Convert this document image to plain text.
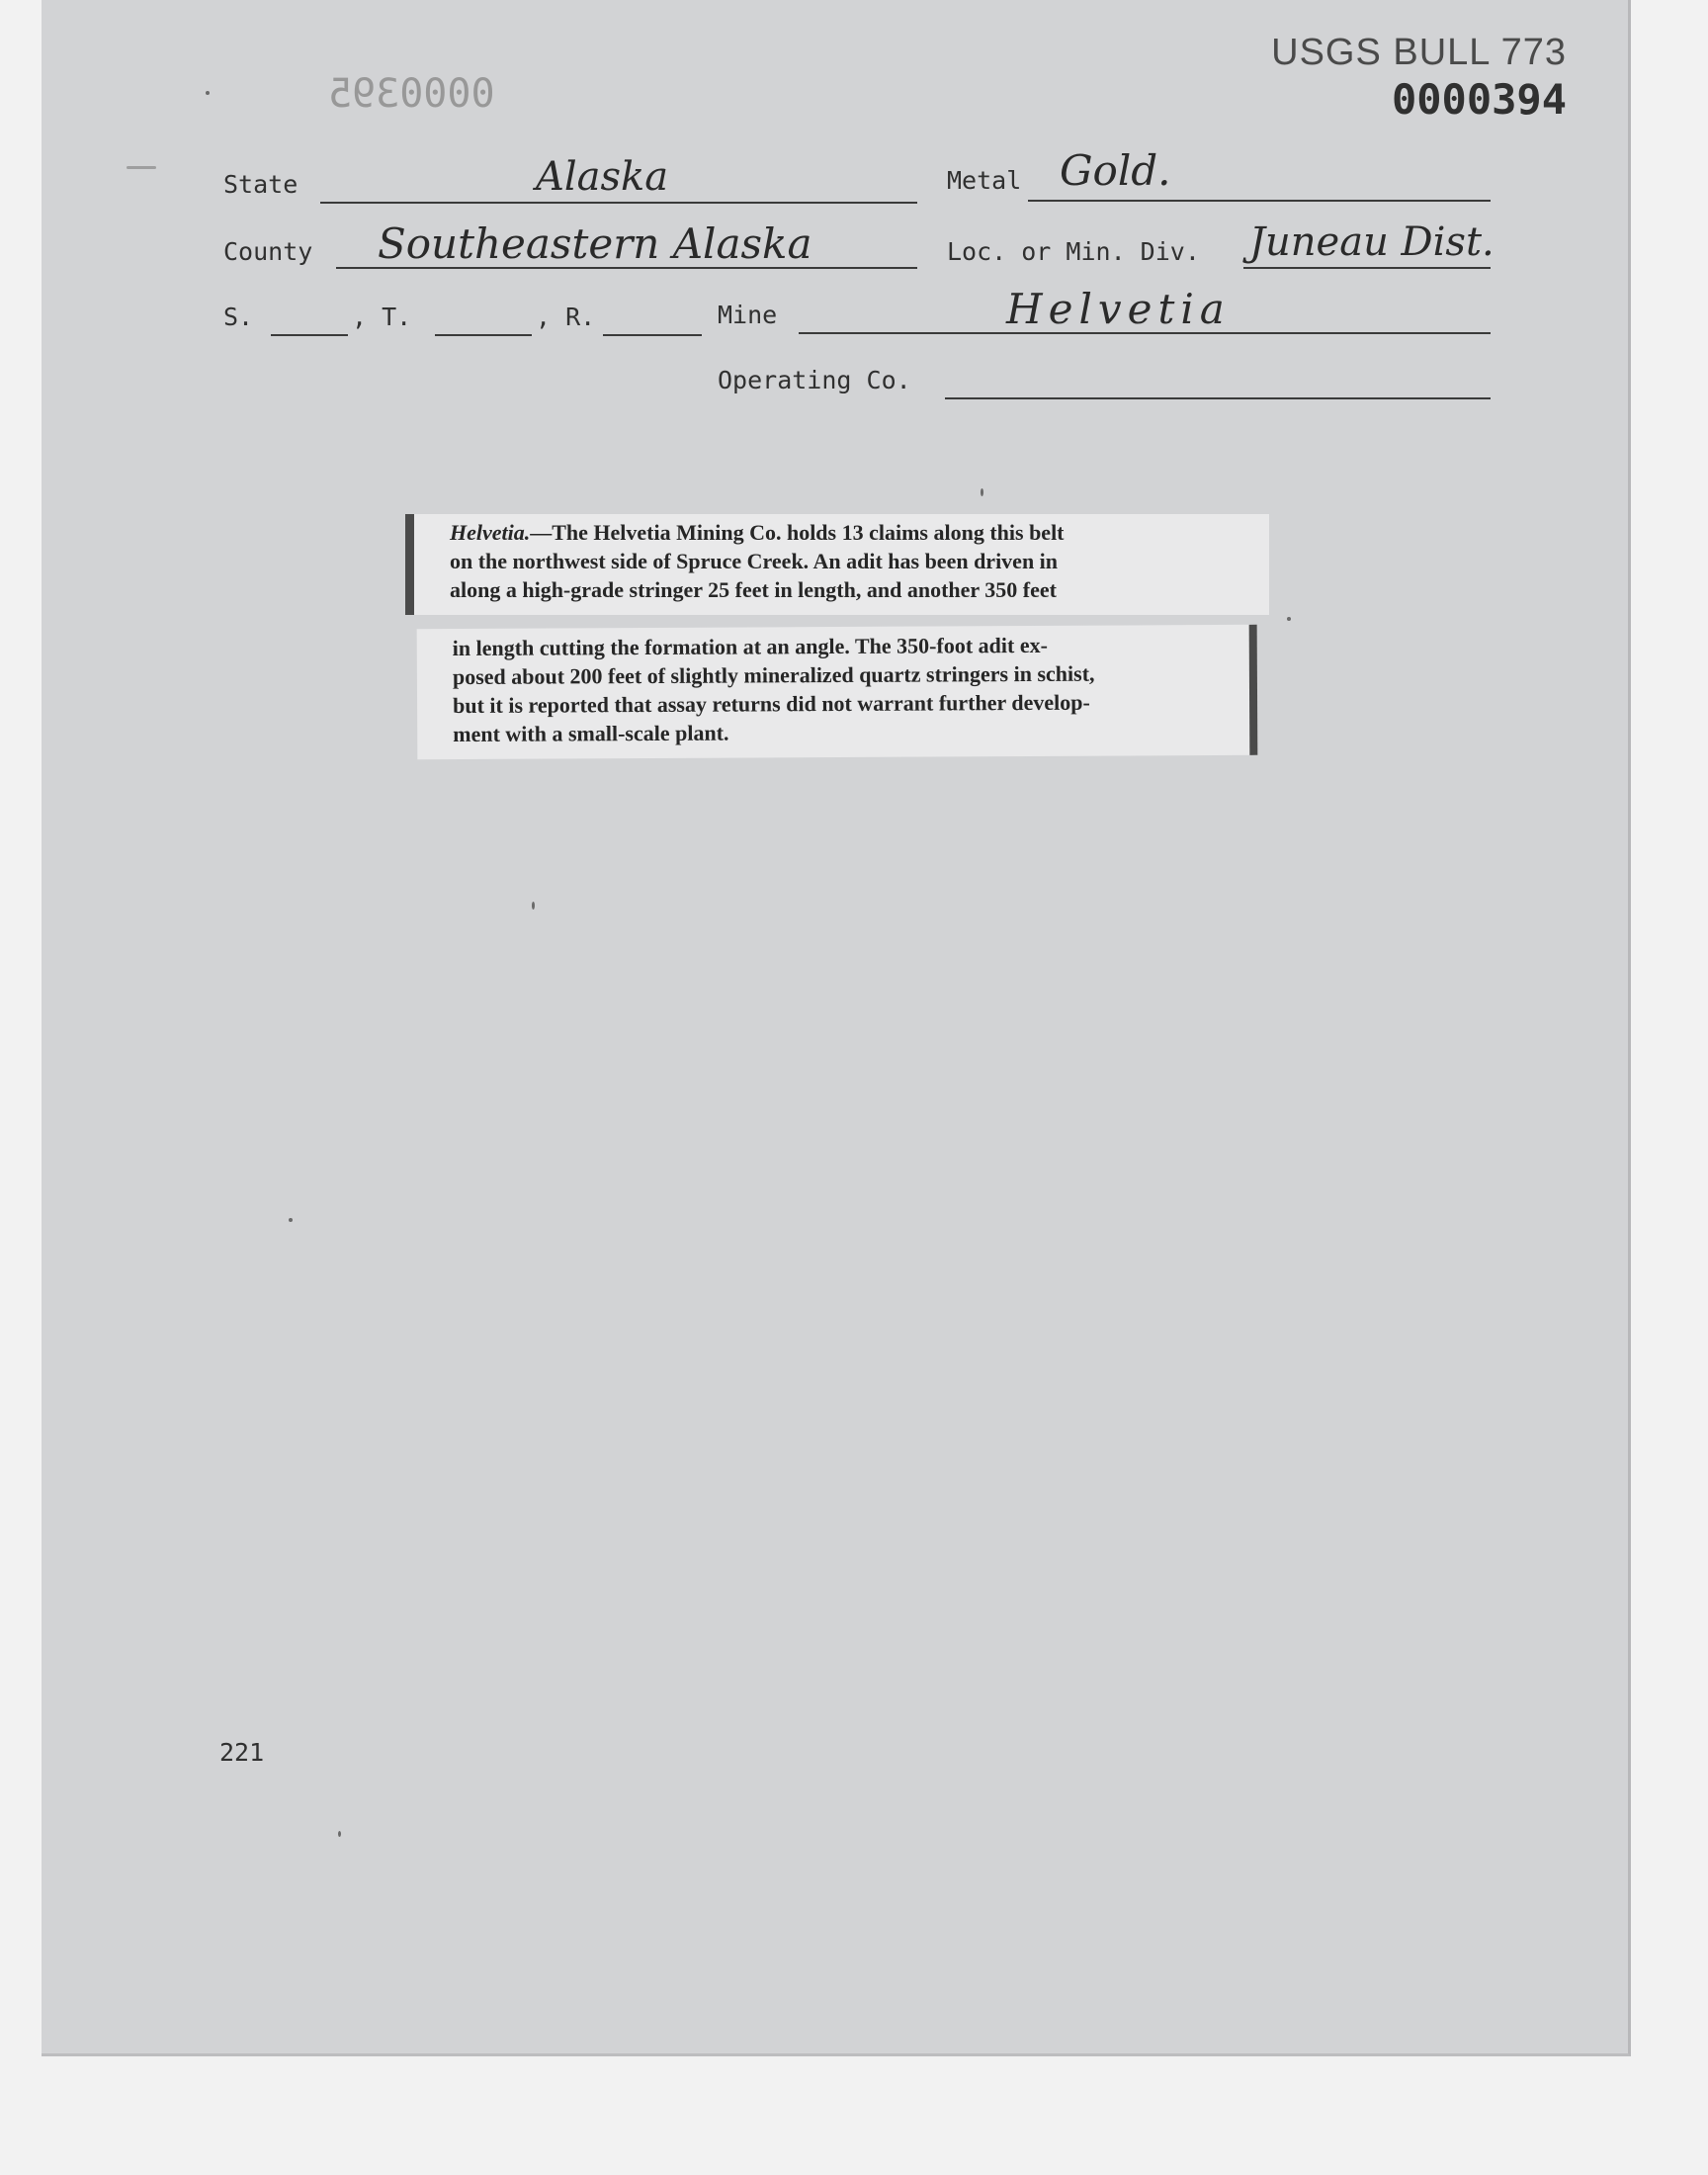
0000395
USGS BULL 773
0000394
State	Alaska	Metal Gold.
County Southeastern Alaska	Loc. or Min. Div. Juneau Dist.
S.	, T.	, R.	Mine	Helvetia
Operating Co.
Helvetia.—The Helvetia Mining Co. holds 13 claims along this belt
on the northwest side of Spruce Creek. An adit has been driven in
along a high-grade stringer 25 feet in length, and another 350 feet
in length cutting the formation at an angle. The 350-foot adit ex-
posed about 200 feet of slightly mineralized quartz stringers in schist,
but it is reported that assay returns did not warrant further develop-
ment with a small-scale plant.
221
